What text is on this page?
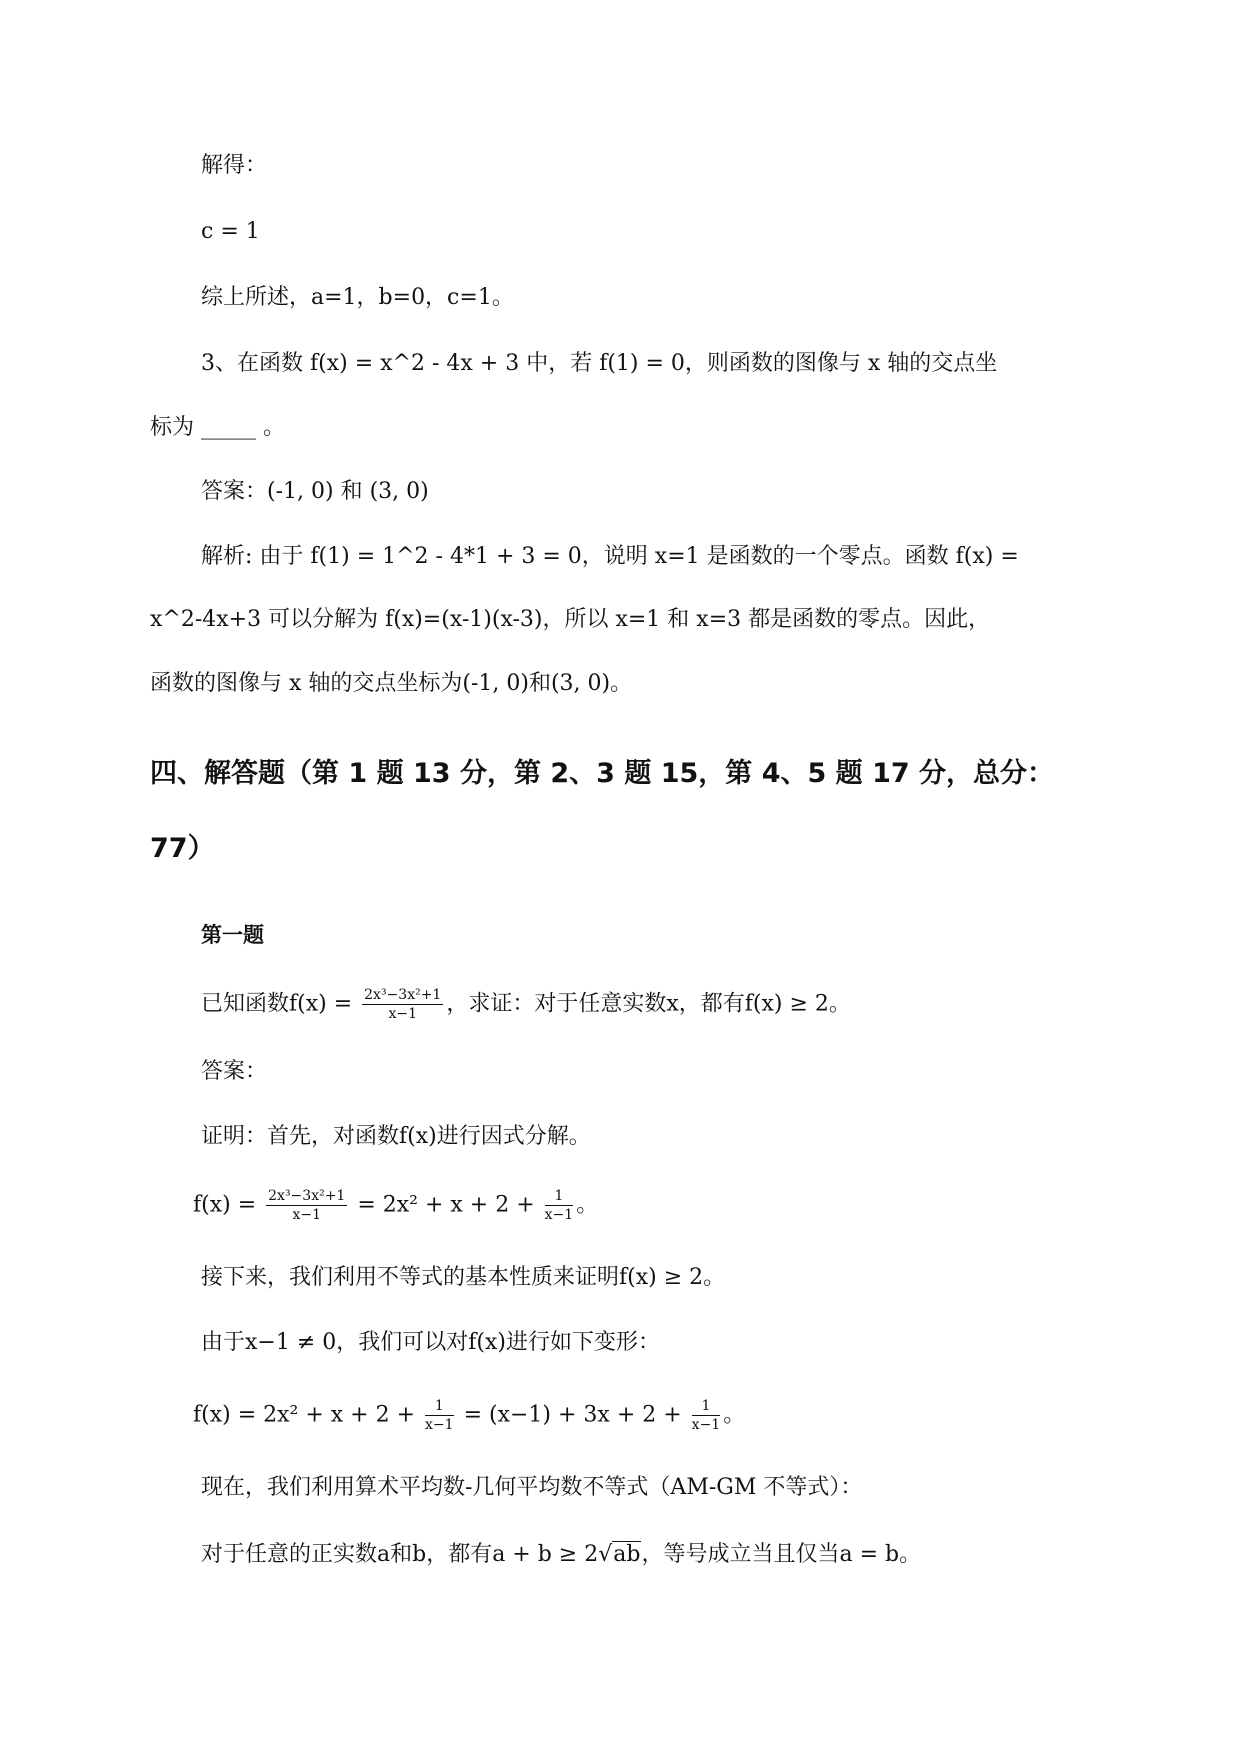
解得：
c = 1
综上所述，a=1，b=0，c=1。
3、在函数 f(x) = x^2 - 4x + 3 中，若 f(1) = 0，则函数的图像与 x 轴的交点坐
标为 _____ 。
答案：(-1, 0) 和 (3, 0)
解析: 由于 f(1) = 1^2 - 4*1 + 3 = 0，说明 x=1 是函数的一个零点。函数 f(x) =
x^2-4x+3 可以分解为 f(x)=(x-1)(x-3)，所以 x=1 和 x=3 都是函数的零点。因此，
函数的图像与 x 轴的交点坐标为(-1, 0)和(3, 0)。
四、解答题（第 1 题 13 分，第 2、3 题 15，第 4、5 题 17 分，总分：
77）
第一题
已知函数$f(x) = \frac{\text{2x³−3x²+1}}{x-1}$ ，求证：对于任意实数x，都有f(x) ≥ 2。
答案：
证明：首先，对函数f(x)进行因式分解。
$f(x) = \frac{\text{2x³−3x²+1}}{x-1} = 2x^2 + x + 2 + \frac{1}{x-1}$ 。
接下来，我们利用不等式的基本性质来证明f(x) ≥ 2。
由于x−1 ≠ 0，我们可以对f(x)进行如下变形：
$f(x) = 2x^2 + x + 2 + \frac{1}{x-1} = (x-1) + 3x + 2 + \frac{1}{x-1}$ 。
现在，我们利用算术平均数-几何平均数不等式（AM-GM 不等式）：
对于任意的正实数a和b，都有a + b ≥ 2√ab，等号成立当且仅当a = b。
